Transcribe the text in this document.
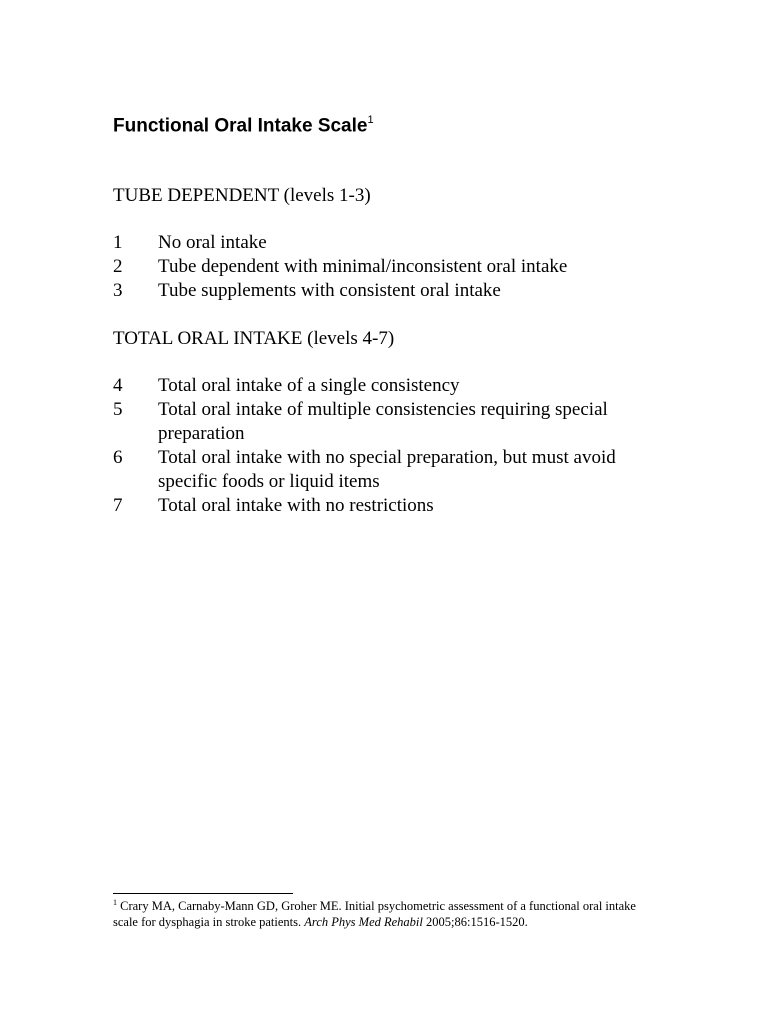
Functional Oral Intake Scale$^1$

TUBE DEPENDENT (levels 1-3)

1	No oral intake
2	Tube dependent with minimal/inconsistent oral intake
3	Tube supplements with consistent oral intake

TOTAL ORAL INTAKE (levels 4-7)

4	Total oral intake of a single consistency
5	Total oral intake of multiple consistencies requiring special preparation
6	Total oral intake with no special preparation, but must avoid specific foods or liquid items
7	Total oral intake with no restrictions
$^1$ Crary MA, Carnaby-Mann GD, Groher ME. Initial psychometric assessment of a functional oral intake scale for dysphagia in stroke patients. Arch Phys Med Rehabil 2005;86:1516-1520.
